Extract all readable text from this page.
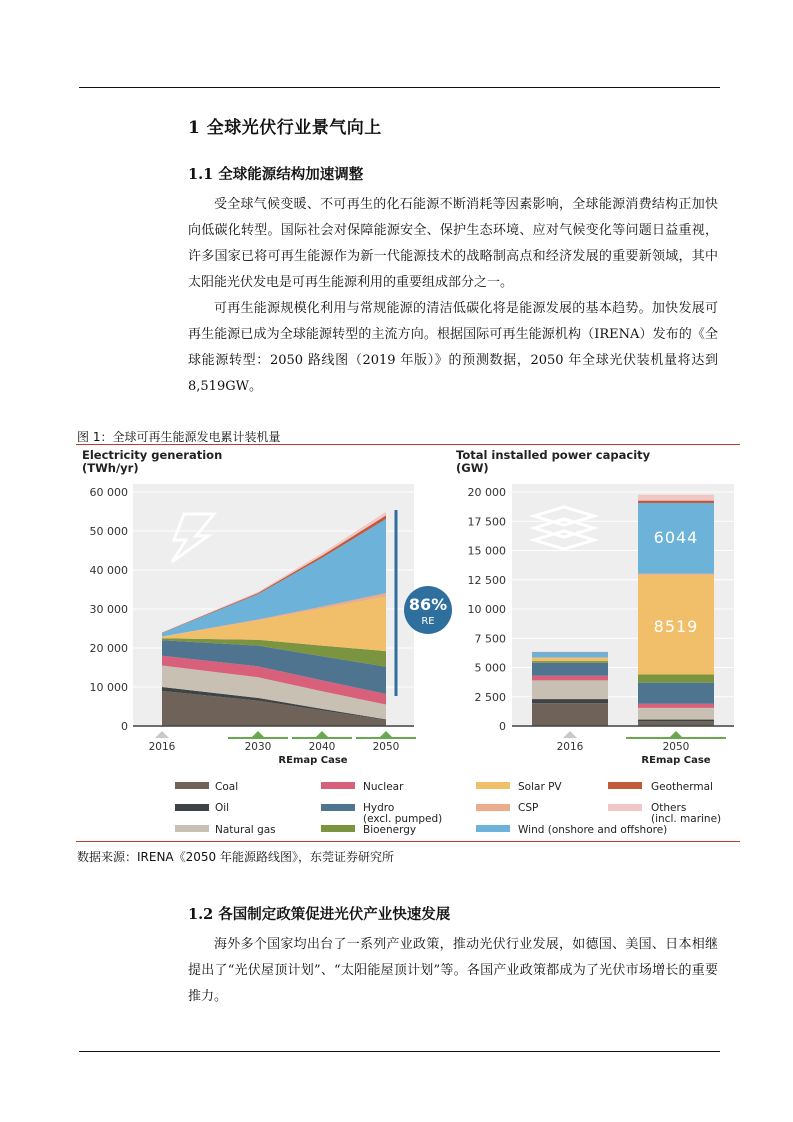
1 全球光伏行业景气向上
1.1 全球能源结构加速调整

受全球气候变暖、不可再生的化石能源不断消耗等因素影响，全球能源消费结构正加快向低碳化转型。国际社会对保障能源安全、保护生态环境、应对气候变化等问题日益重视，许多国家已将可再生能源作为新一代能源技术的战略制高点和经济发展的重要新领域，其中太阳能光伏发电是可再生能源利用的重要组成部分之一。

可再生能源规模化利用与常规能源的清洁低碳化将是能源发展的基本趋势。加快发展可再生能源已成为全球能源转型的主流方向。根据国际可再生能源机构（IRENA）发布的《全球能源转型：2050 路线图（2019 年版）》的预测数据，2050 年全球光伏装机量将达到 8,519GW。

图 1：全球可再生能源发电累计装机量
Electricity generation
(TWh/yr)
Total installed power capacity
(GW)
60 000
50 000
40 000
30 000
20 000
10 000
0
2016	2030	2040	2050
20 000
17 500
15 000
12 500
10 000
7 500
5 000
2 500
0
2016	2050
86%
RE
6044
8519
REmap Case	REmap Case
Coal
Oil
Natural gas
Nuclear
Hydro
(excl. pumped)
Bioenergy
Solar PV
CSP
Wind (onshore and offshore)
Geothermal
Others
(incl. marine)
数据来源：IRENA《2050 年能源路线图》，东莞证券研究所
1.2 各国制定政策促进光伏产业快速发展

海外多个国家均出台了一系列产业政策，推动光伏行业发展，如德国、美国、日本相继提出了“光伏屋顶计划”、“太阳能屋顶计划”等。各国产业政策都成为了光伏市场增长的重要推力。
